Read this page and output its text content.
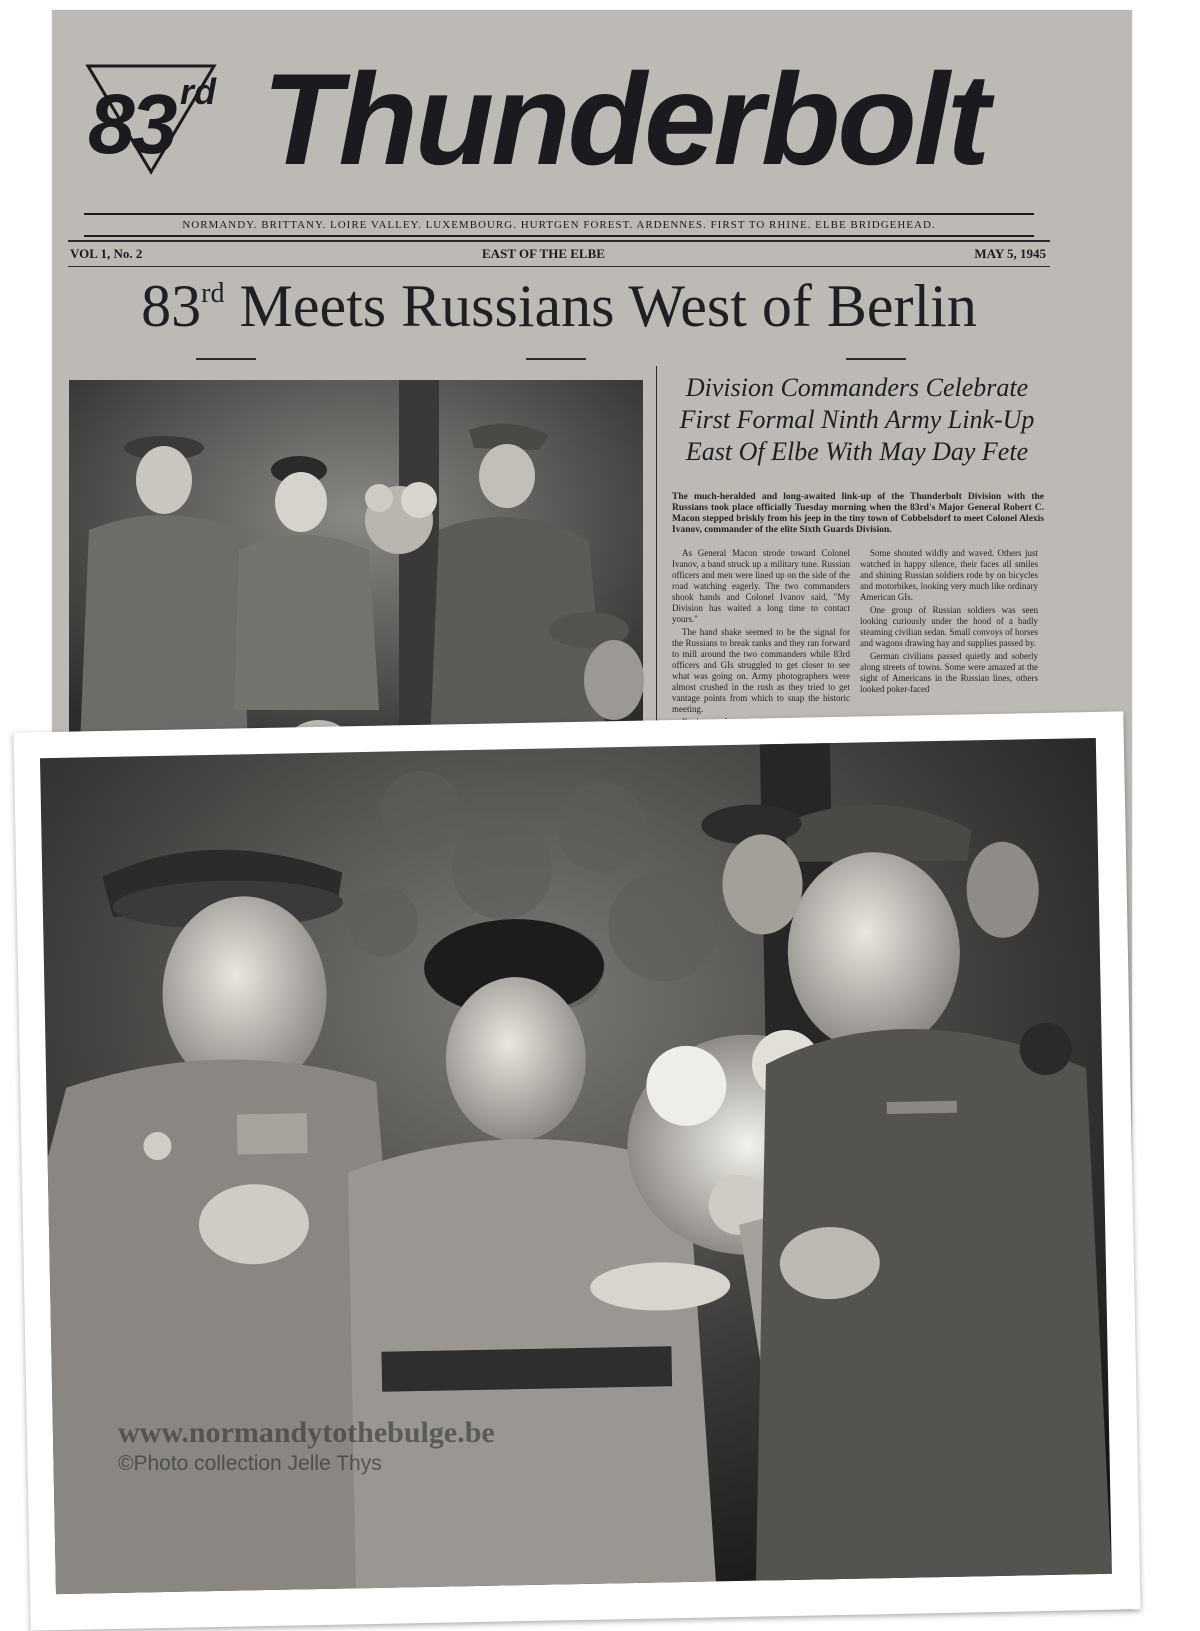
83 rd Thunderbolt
NORMANDY. BRITTANY. LOIRE VALLEY. LUXEMBOURG. HURTGEN FOREST. ARDENNES. FIRST TO RHINE. ELBE BRIDGEHEAD.
VOL 1, No. 2	EAST OF THE ELBE	MAY 5, 1945
83rd Meets Russians West of Berlin
Division Commanders Celebrate
First Formal Ninth Army Link-Up
East Of Elbe With May Day Fete
The much-heralded and long-awaited link-up of the Thunderbolt Division with the Russians took place officially Tuesday morning when the 83rd's Major General Robert C. Macon stepped briskly from his jeep in the tiny town of Cobbelsdorf to meet Colonel Alexis Ivanov, commander of the elite Sixth Guards Division.

As General Macon strode toward Colonel Ivanov, a band struck up a military tune. Russian officers and men were lined up on the side of the road watching eagerly. The two commanders shook hands and Colonel Ivanov said, "My Division has waited a long time to contact yours."

The hand shake seemed to be the signal for the Russians to break ranks and they ran forward to mill around the two commanders while 83rd officers and GIs struggled to get closer to see what was going on. Army photographers were almost crushed in the rush as they tried to get vantage points from which to snap the historic meeting.

Some shouted wildly and waved. Others just watched in happy silence, their faces all smiles and shining Russian soldiers rode by on bicycles and motorbikes, looking very much like ordinary American GIs.

One group of Russian soldiers was seen looking curiously under the hood of a badly steaming civilian sedan. Small convoys of horses and wagons drawing hay and supplies passed by.

German civilians passed quietly and soberly along streets of towns. Some were amazed at the sight of Americans in the Russian lines, others looked poker-faced

www.normandytothebulge.be
©Photo collection Jelle Thys
